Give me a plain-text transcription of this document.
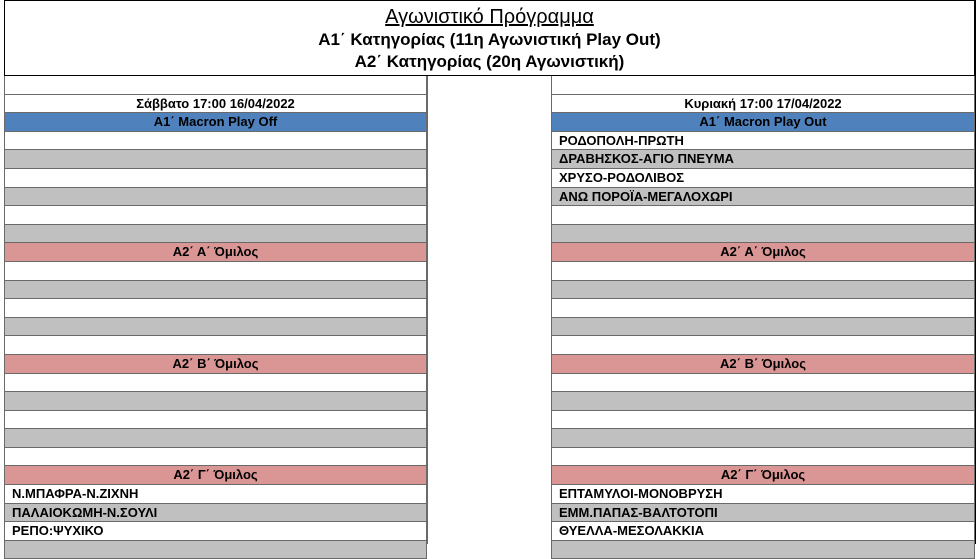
Αγωνιστικό Πρόγραμμα
Α1΄ Κατηγορίας (11η Αγωνιστική Play Out)
Α2΄ Κατηγορίας (20η Αγωνιστική)
Σάββατο 17:00 16/04/2022
Α1΄ Macron Play Off
Α2΄ Α΄ Όμιλος
Α2΄ Β΄ Όμιλος
Α2΄ Γ΄ Όμιλος
Ν.ΜΠΑΦΡΑ-Ν.ΖΙΧΝΗ
ΠΑΛΑΙΟΚΩΜΗ-Ν.ΣΟΥΛΙ
ΡΕΠΟ:ΨΥΧΙΚΟ
Κυριακή 17:00 17/04/2022
Α1΄ Macron Play Out
ΡΟΔΟΠΟΛΗ-ΠΡΩΤΗ
ΔΡΑΒΗΣΚΟΣ-ΑΓΙΟ ΠΝΕΥΜΑ
ΧΡΥΣΟ-ΡΟΔΟΛΙΒΟΣ
ΑΝΩ ΠΟΡΟΪΑ-ΜΕΓΑΛΟΧΩΡΙ
Α2΄ Α΄ Όμιλος
Α2΄ Β΄ Όμιλος
Α2΄ Γ΄ Όμιλος
ΕΠΤΑΜΥΛΟΙ-ΜΟΝΟΒΡΥΣΗ
ΕΜΜ.ΠΑΠΑΣ-ΒΑΛΤΟΤΟΠΙ
ΘΥΕΛΛΑ-ΜΕΣΟΛΑΚΚΙΑ
